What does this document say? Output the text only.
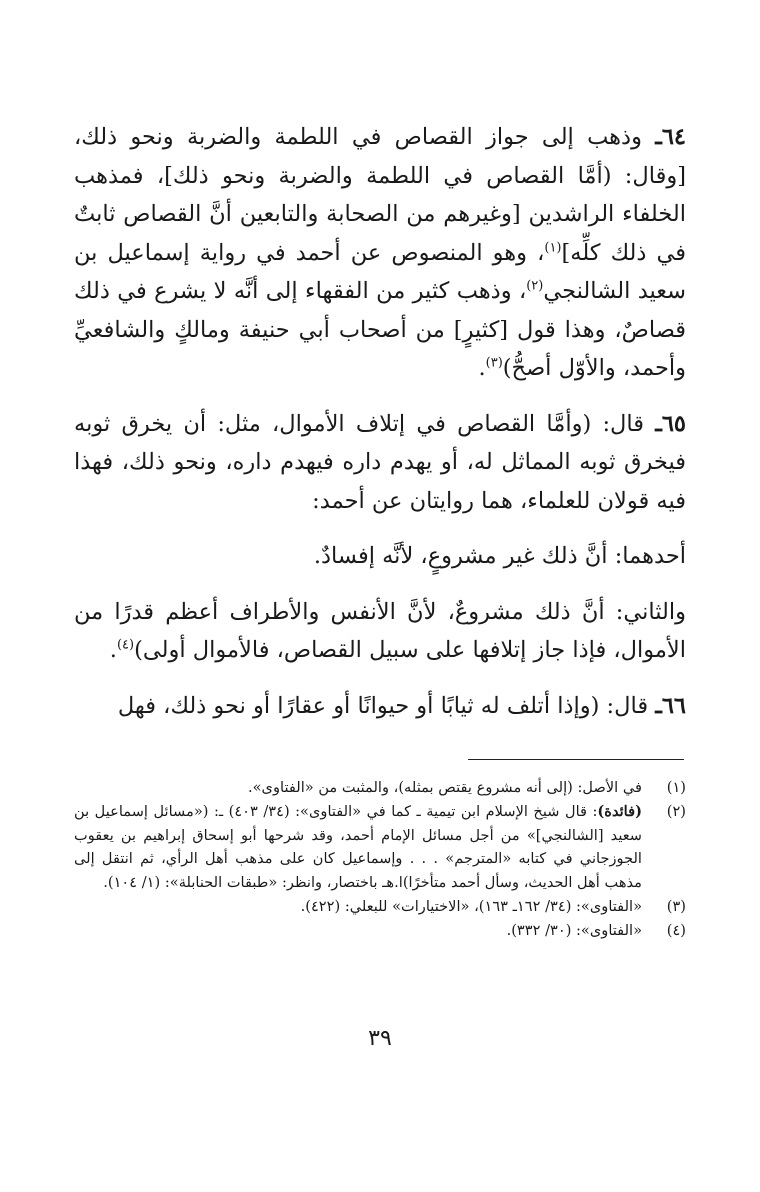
٦٤ـ وذهب إلى جواز القصاص في اللطمة والضربة ونحو ذلك، [وقال: (أمَّا القصاص في اللطمة والضربة ونحو ذلك]، فمذهب الخلفاء الراشدين [وغيرهم من الصحابة والتابعين أنَّ القصاص ثابتٌ في ذلك كلِّه]$^{(١)}$، وهو المنصوص عن أحمد في رواية إسماعيل بن سعيد الشالنجي$^{(٢)}$، وذهب كثير من الفقهاء إلى أنَّه لا يشرع في ذلك قصاصٌ، وهذا قول [كثيرٍ] من أصحاب أبي حنيفة ومالكٍ والشافعيِّ وأحمد، والأوّل أصحُّ)$^{(٣)}$.

٦٥ـ قال: (وأمَّا القصاص في إتلاف الأموال، مثل: أن يخرق ثوبه فيخرق ثوبه المماثل له، أو يهدم داره فيهدم داره، ونحو ذلك، فهذا فيه قولان للعلماء، هما روايتان عن أحمد:

أحدهما: أنَّ ذلك غير مشروعٍ، لأنَّه إفسادٌ.

والثاني: أنَّ ذلك مشروعٌ، لأنَّ الأنفس والأطراف أعظم قدرًا من الأموال، فإذا جاز إتلافها على سبيل القصاص، فالأموال أولى)$^{(٤)}$.

٦٦ـ قال: (وإذا أتلف له ثيابًا أو حيوانًا أو عقارًا أو نحو ذلك، فهل

(١)
في الأصل: (إلى أنه مشروع يقتص بمثله)، والمثبت من «الفتاوى».
(٢)
(فائدة): قال شيخ الإسلام ابن تيمية ـ كما في «الفتاوى»: (٣٤/ ٤٠٣) ـ: («مسائل إسماعيل بن سعيد [الشالنجي]» من أجل مسائل الإمام أحمد، وقد شرحها أبو إسحاق إبراهيم بن يعقوب الجوزجاني في كتابه «المترجم» . . . وإسماعيل كان على مذهب أهل الرأي، ثم انتقل إلى مذهب أهل الحديث، وسأل أحمد متأخرًا)ا.هـ باختصار، وانظر: «طبقات الحنابلة»: (١/ ١٠٤).
(٣)
«الفتاوى»: (٣٤/ ١٦٢ـ ١٦٣)، «الاختيارات» للبعلي: (٤٢٢).
(٤)
«الفتاوى»: (٣٠/ ٣٣٢).
٣٩
